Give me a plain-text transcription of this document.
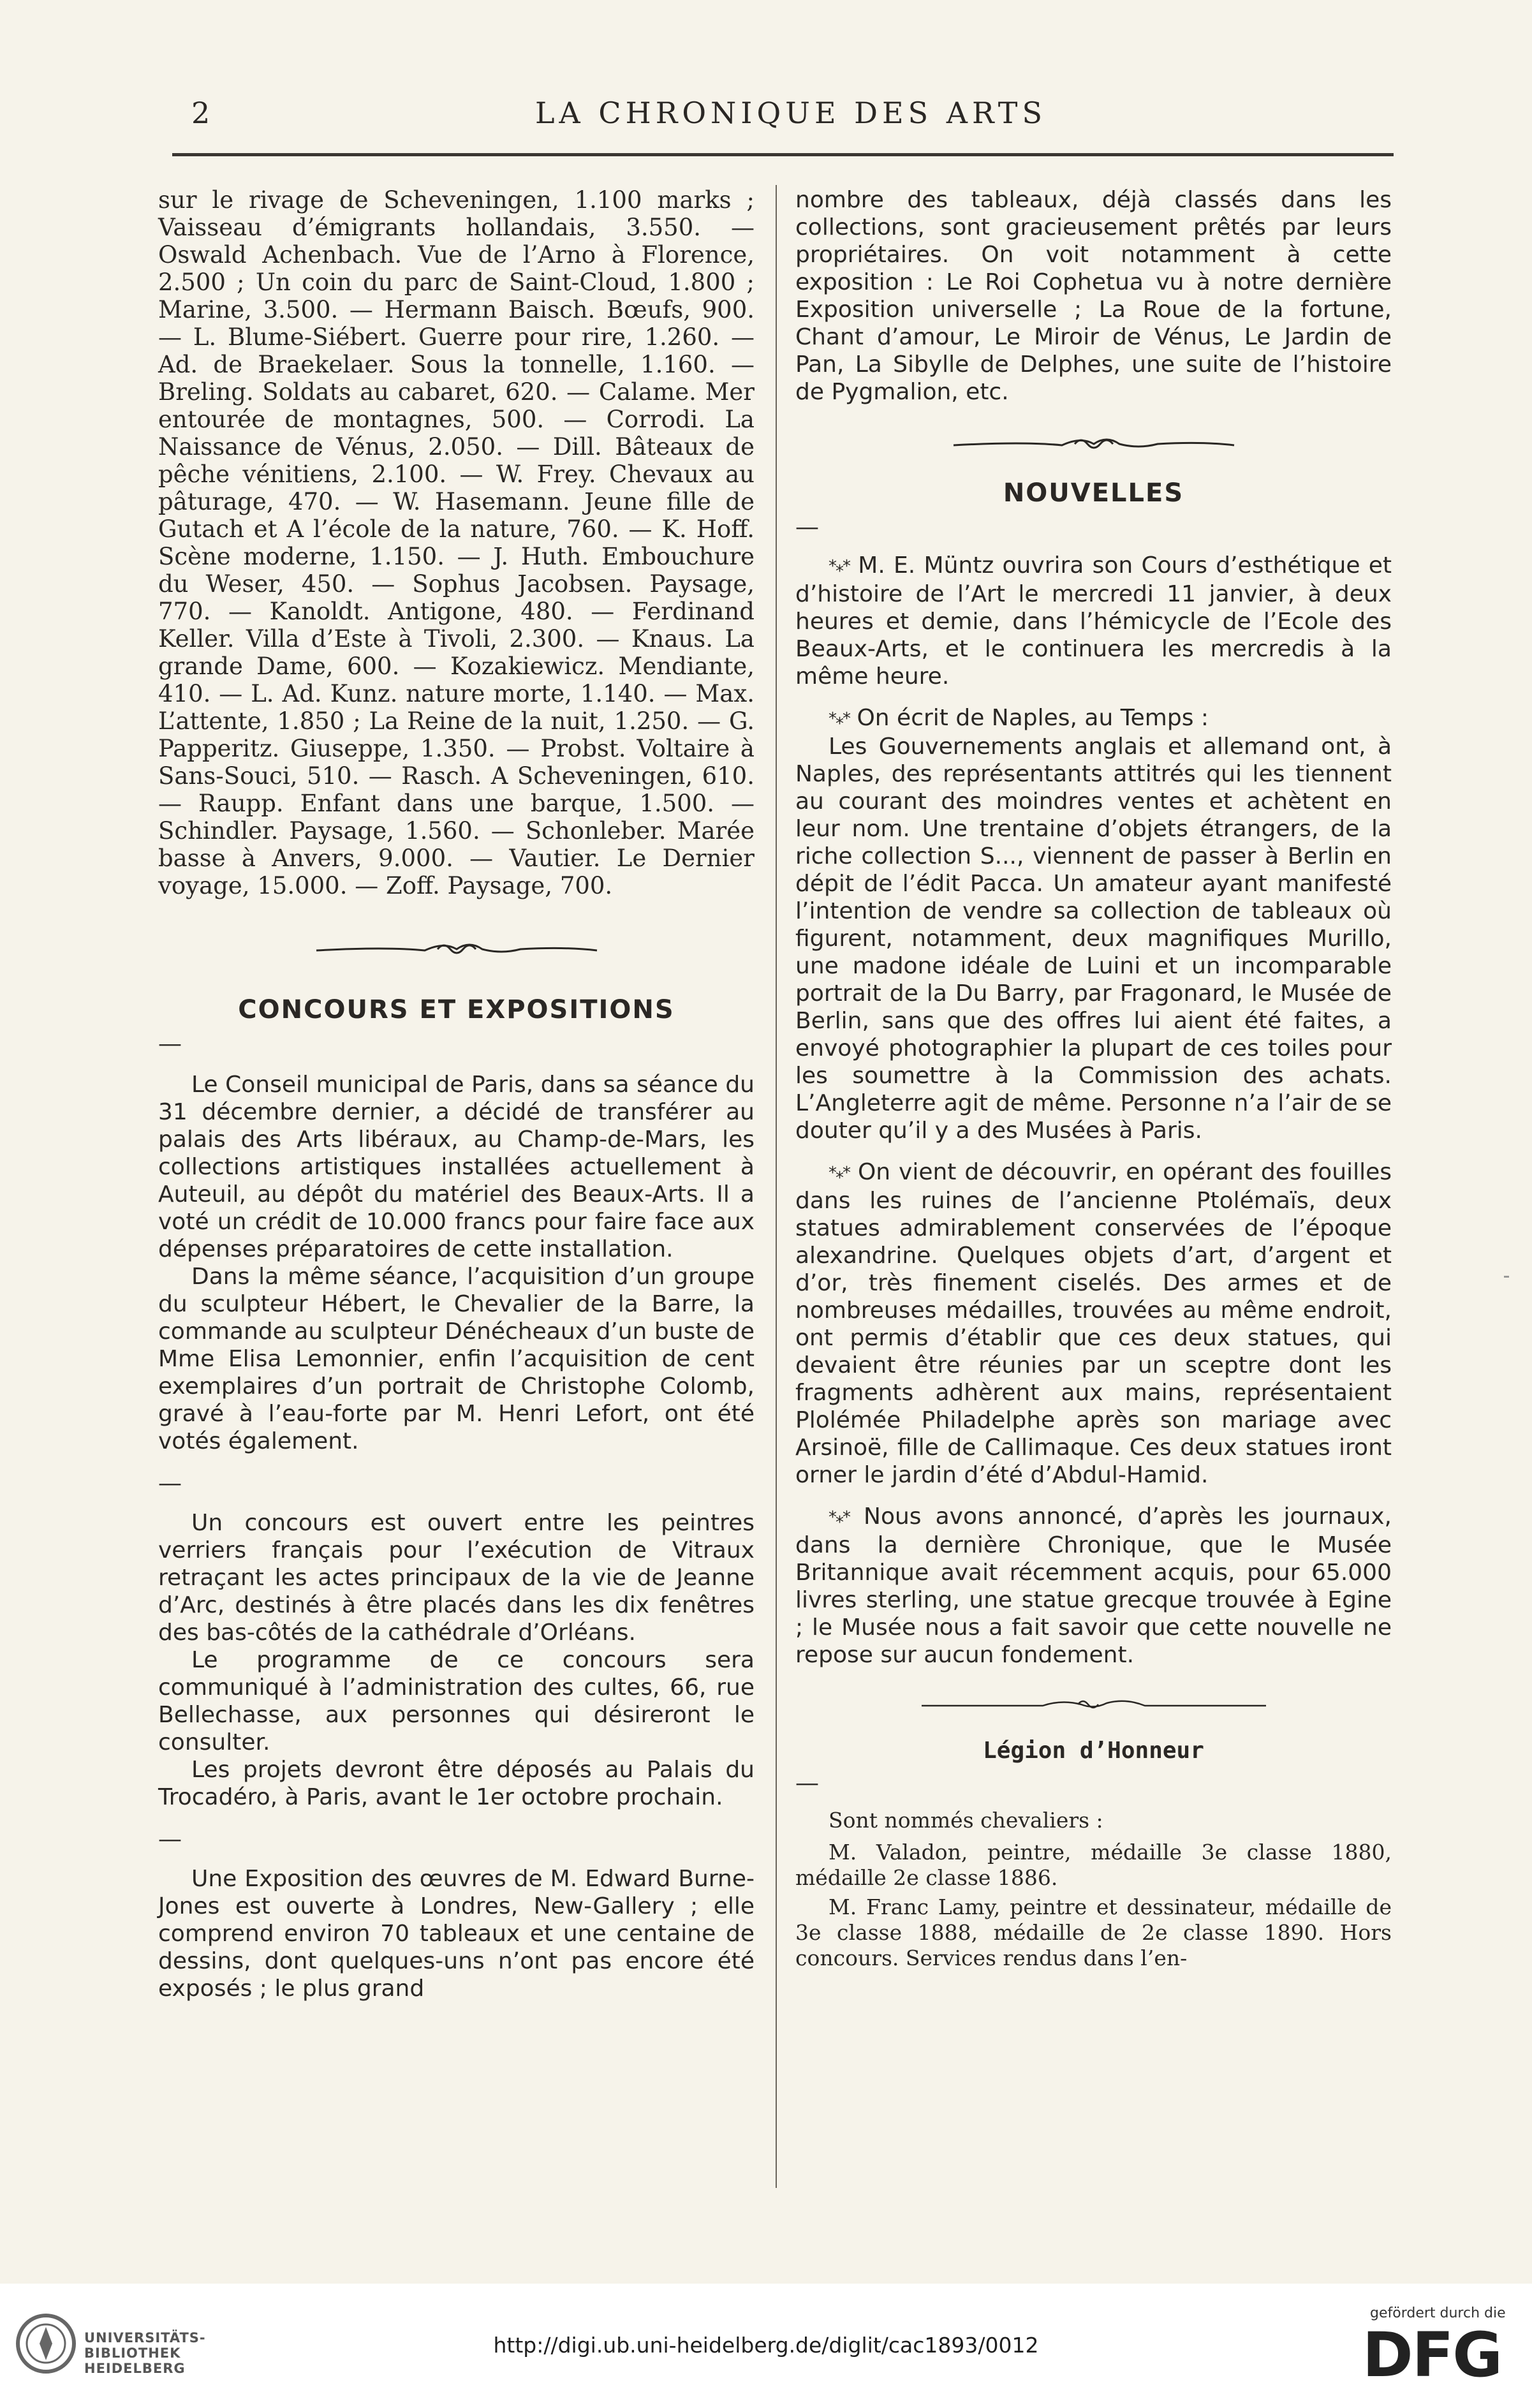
2	LA CHRONIQUE DES ARTS

sur le rivage de Scheveningen, 1.100 marks ; Vaisseau d’émigrants hollandais, 3.550. — Oswald Achenbach. Vue de l’Arno à Florence, 2.500 ; Un coin du parc de Saint-Cloud, 1.800 ; Marine, 3.500. — Hermann Baisch. Bœufs, 900. — L. Blume-Siébert. Guerre pour rire, 1.260. — Ad. de Braekelaer. Sous la tonnelle, 1.160. — Breling. Soldats au cabaret, 620. — Calame. Mer entourée de montagnes, 500. — Corrodi. La Naissance de Vénus, 2.050. — Dill. Bâteaux de pêche vénitiens, 2.100. — W. Frey. Chevaux au pâturage, 470. — W. Hasemann. Jeune fille de Gutach et A l’école de la nature, 760. — K. Hoff. Scène moderne, 1.150. — J. Huth. Embouchure du Weser, 450. — Sophus Jacobsen. Paysage, 770. — Kanoldt. Antigone, 480. — Ferdinand Keller. Villa d’Este à Tivoli, 2.300. — Knaus. La grande Dame, 600. — Kozakiewicz. Mendiante, 410. — L. Ad. Kunz. nature morte, 1.140. — Max. L’attente, 1.850 ; La Reine de la nuit, 1.250. — G. Papperitz. Giuseppe, 1.350. — Probst. Voltaire à Sans-Souci, 510. — Rasch. A Scheveningen, 610. — Raupp. Enfant dans une barque, 1.500. — Schindler. Paysage, 1.560. — Schonleber. Marée basse à Anvers, 9.000. — Vautier. Le Dernier voyage, 15.000. — Zoff. Paysage, 700.

CONCOURS ET EXPOSITIONS

—

Le Conseil municipal de Paris, dans sa séance du 31 décembre dernier, a décidé de transférer au palais des Arts libéraux, au Champ-de-Mars, les collections artistiques installées actuellement à Auteuil, au dépôt du matériel des Beaux-Arts. Il a voté un crédit de 10.000 francs pour faire face aux dépenses préparatoires de cette installation.

Dans la même séance, l’acquisition d’un groupe du sculpteur Hébert, le Chevalier de la Barre, la commande au sculpteur Dénécheaux d’un buste de Mme Elisa Lemonnier, enfin l’acquisition de cent exemplaires d’un portrait de Christophe Colomb, gravé à l’eau-forte par M. Henri Lefort, ont été votés également.

—

Un concours est ouvert entre les peintres verriers français pour l’exécution de Vitraux retraçant les actes principaux de la vie de Jeanne d’Arc, destinés à être placés dans les dix fenêtres des bas-côtés de la cathédrale d’Orléans.

Le programme de ce concours sera communiqué à l’administration des cultes, 66, rue Bellechasse, aux personnes qui désireront le consulter.

Les projets devront être déposés au Palais du Trocadéro, à Paris, avant le 1er octobre prochain.

—

Une Exposition des œuvres de M. Edward Burne-Jones est ouverte à Londres, New-Gallery ; elle comprend environ 70 tableaux et une centaine de dessins, dont quelques-uns n’ont pas encore été exposés ; le plus grand

nombre des tableaux, déjà classés dans les collections, sont gracieusement prêtés par leurs propriétaires. On voit notamment à cette exposition : Le Roi Cophetua vu à notre dernière Exposition universelle ; La Roue de la fortune, Chant d’amour, Le Miroir de Vénus, Le Jardin de Pan, La Sibylle de Delphes, une suite de l’histoire de Pygmalion, etc.

NOUVELLES

—

*⁎* M. E. Müntz ouvrira son Cours d’esthétique et d’histoire de l’Art le mercredi 11 janvier, à deux heures et demie, dans l’hémicycle de l’Ecole des Beaux-Arts, et le continuera les mercredis à la même heure.

*⁎* On écrit de Naples, au Temps :

Les Gouvernements anglais et allemand ont, à Naples, des représentants attitrés qui les tiennent au courant des moindres ventes et achètent en leur nom. Une trentaine d’objets étrangers, de la riche collection S..., viennent de passer à Berlin en dépit de l’édit Pacca. Un amateur ayant manifesté l’intention de vendre sa collection de tableaux où figurent, notamment, deux magnifiques Murillo, une madone idéale de Luini et un incomparable portrait de la Du Barry, par Fragonard, le Musée de Berlin, sans que des offres lui aient été faites, a envoyé photographier la plupart de ces toiles pour les soumettre à la Commission des achats. L’Angleterre agit de même. Personne n’a l’air de se douter qu’il y a des Musées à Paris.

*⁎* On vient de découvrir, en opérant des fouilles dans les ruines de l’ancienne Ptolémaïs, deux statues admirablement conservées de l’époque alexandrine. Quelques objets d’art, d’argent et d’or, très finement ciselés. Des armes et de nombreuses médailles, trouvées au même endroit, ont permis d’établir que ces deux statues, qui devaient être réunies par un sceptre dont les fragments adhèrent aux mains, représentaient Plolémée Philadelphe après son mariage avec Arsinoë, fille de Callimaque. Ces deux statues iront orner le jardin d’été d’Abdul-Hamid.

*⁎* Nous avons annoncé, d’après les journaux, dans la dernière Chronique, que le Musée Britannique avait récemment acquis, pour 65.000 livres sterling, une statue grecque trouvée à Egine ; le Musée nous a fait savoir que cette nouvelle ne repose sur aucun fondement.

Légion d’Honneur

—

Sont nommés chevaliers :

M. Valadon, peintre, médaille 3e classe 1880, médaille 2e classe 1886.

M. Franc Lamy, peintre et dessinateur, médaille de 3e classe 1888, médaille de 2e classe 1890. Hors concours. Services rendus dans l’en-

UNIVERSITÄTS-
BIBLIOTHEK
HEIDELBERG
http://digi.ub.uni-heidelberg.de/diglit/cac1893/0012
gefördert durch die
DFG
